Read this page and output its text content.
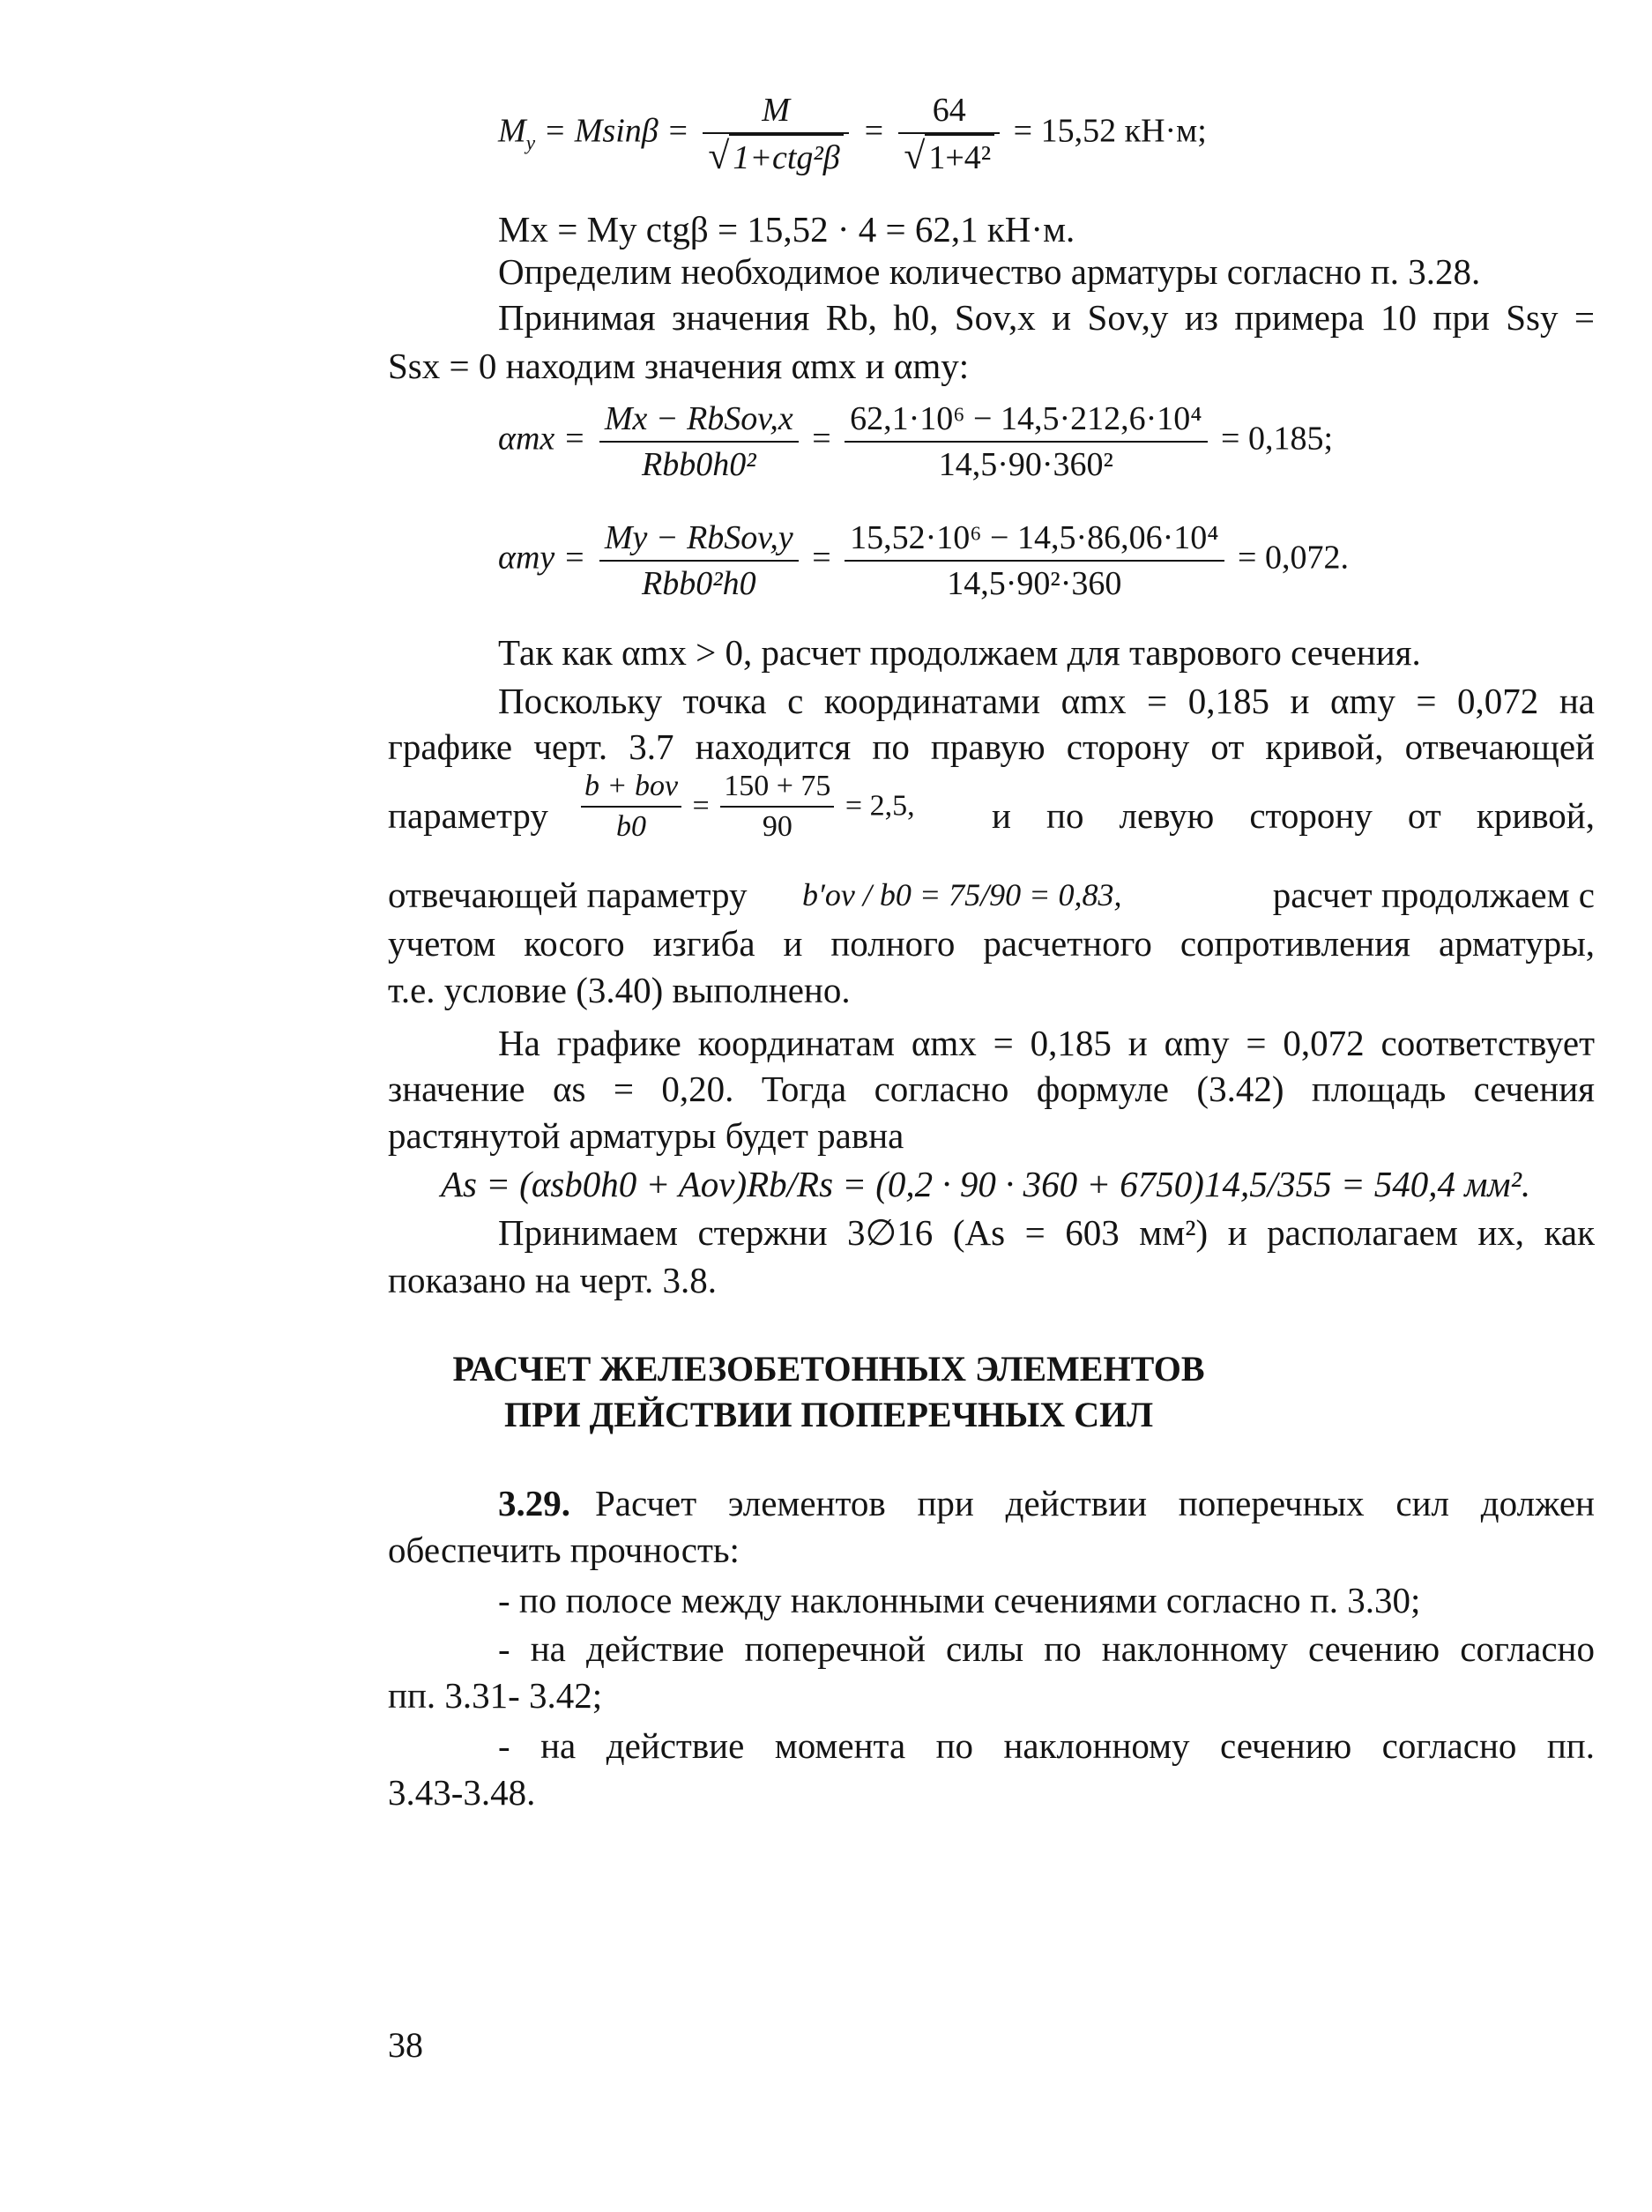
$M_y = Msin\beta = \frac{M}{\text{√ 1+ctg²β}} = \frac{64}{\text{√ 1+4²}} = 15,52$ кН·м;
Mx = My ctgβ = 15,52 · 4 = 62,1 кН·м.
Определим необходимое количество арматуры согласно п. 3.28.
Принимая значения Rb, h0, Sov,x и Sov,y из примера 10 при Ssy =
Ssx = 0 находим значения αmx и αmy:
$\alpha mx = \frac{\text{Mx − RbSov,x}}{\text{Rbb0h0²}} = \frac{\text{62,1·10⁶ − 14,5·212,6·10⁴}}{\text{14,5·90·360²}} = 0,185$;
$\alpha my = \frac{\text{My − RbSov,y}}{\text{Rbb0²h0}} = \frac{\text{15,52·10⁶ − 14,5·86,06·10⁴}}{\text{14,5·90²·360}} = 0,072$.
Так как αmx > 0, расчет продолжаем для таврового сечения.
Поскольку точка с координатами αmx = 0,185 и αmy = 0,072 на
графике черт. 3.7 находится по правую сторону от кривой, отвечающей
параметру $\frac{\text{b + bov}}{b0} = \frac{150 + 75}{90} = 2,5$, и по левую сторону от кривой,
отвечающей параметру b′ov / b0 = 75/90 = 0,83,	расчет продолжаем с
учетом косого изгиба и полного расчетного сопротивления арматуры,
т.е. условие (3.40) выполнено.
На графике координатам αmx = 0,185 и αmy = 0,072 соответствует
значение αs = 0,20. Тогда согласно формуле (3.42) площадь сечения
растянутой арматуры будет равна
As = (αsb0h0 + Aov)Rb/Rs = (0,2 · 90 · 360 + 6750)14,5/355 = 540,4 мм².
Принимаем стержни 3∅16 (As = 603 мм²) и располагаем их, как
показано на черт. 3.8.
РАСЧЕТ ЖЕЛЕЗОБЕТОННЫХ ЭЛЕМЕНТОВ
ПРИ ДЕЙСТВИИ ПОПЕРЕЧНЫХ СИЛ
3.29. Расчет элементов при действии поперечных сил должен
обеспечить прочность:
- по полосе между наклонными сечениями согласно п. 3.30;
- на действие поперечной силы по наклонному сечению согласно
пп. 3.31- 3.42;
- на действие момента по наклонному сечению согласно пп.
3.43-3.48.
38
